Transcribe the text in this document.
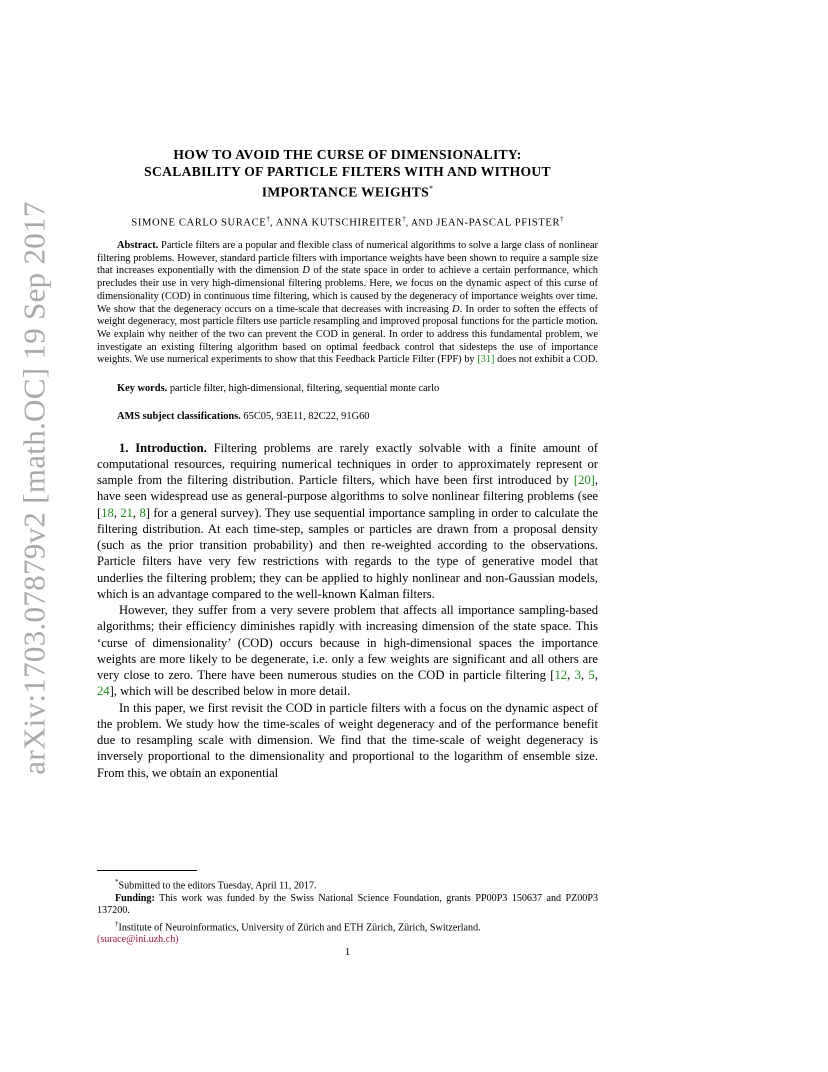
arXiv:1703.07879v2 [math.OC] 19 Sep 2017
HOW TO AVOID THE CURSE OF DIMENSIONALITY:
SCALABILITY OF PARTICLE FILTERS WITH AND WITHOUT
IMPORTANCE WEIGHTS*
SIMONE CARLO SURACE†, ANNA KUTSCHIREITER†, AND JEAN-PASCAL PFISTER†

Abstract. Particle filters are a popular and flexible class of numerical algorithms to solve a large class of nonlinear filtering problems. However, standard particle filters with importance weights have been shown to require a sample size that increases exponentially with the dimension D of the state space in order to achieve a certain performance, which precludes their use in very high-dimensional filtering problems. Here, we focus on the dynamic aspect of this curse of dimensionality (COD) in continuous time filtering, which is caused by the degeneracy of importance weights over time. We show that the degeneracy occurs on a time-scale that decreases with increasing D. In order to soften the effects of weight degeneracy, most particle filters use particle resampling and improved proposal functions for the particle motion. We explain why neither of the two can prevent the COD in general. In order to address this fundamental problem, we investigate an existing filtering algorithm based on optimal feedback control that sidesteps the use of importance weights. We use numerical experiments to show that this Feedback Particle Filter (FPF) by [31] does not exhibit a COD.

Key words. particle filter, high-dimensional, filtering, sequential monte carlo

AMS subject classifications. 65C05, 93E11, 82C22, 91G60

1. Introduction. Filtering problems are rarely exactly solvable with a finite amount of computational resources, requiring numerical techniques in order to approximately represent or sample from the filtering distribution. Particle filters, which have been first introduced by [20], have seen widespread use as general-purpose algorithms to solve nonlinear filtering problems (see [18, 21, 8] for a general survey). They use sequential importance sampling in order to calculate the filtering distribution. At each time-step, samples or particles are drawn from a proposal density (such as the prior transition probability) and then re-weighted according to the observations. Particle filters have very few restrictions with regards to the type of generative model that underlies the filtering problem; they can be applied to highly nonlinear and non-Gaussian models, which is an advantage compared to the well-known Kalman filters.

However, they suffer from a very severe problem that affects all importance sampling-based algorithms; their efficiency diminishes rapidly with increasing dimension of the state space. This ‘curse of dimensionality’ (COD) occurs because in high-dimensional spaces the importance weights are more likely to be degenerate, i.e. only a few weights are significant and all others are very close to zero. There have been numerous studies on the COD in particle filtering [12, 3, 5, 24], which will be described below in more detail.

In this paper, we first revisit the COD in particle filters with a focus on the dynamic aspect of the problem. We study how the time-scales of weight degeneracy and of the performance benefit due to resampling scale with dimension. We find that the time-scale of weight degeneracy is inversely proportional to the dimensionality and proportional to the logarithm of ensemble size. From this, we obtain an exponential

*Submitted to the editors Tuesday, April 11, 2017.

Funding: This work was funded by the Swiss National Science Foundation, grants PP00P3 150637 and PZ00P3 137200.

†Institute of Neuroinformatics, University of Zürich and ETH Zürich, Zürich, Switzerland.
(surace@ini.uzh.ch)

1
